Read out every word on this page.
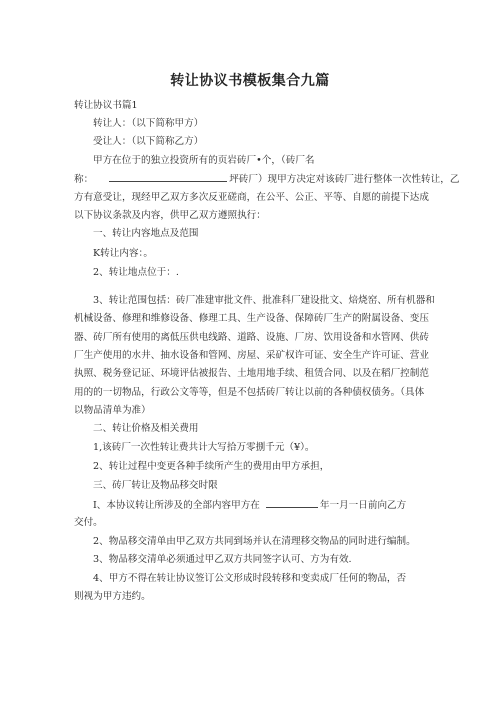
转让协议书模板集合九篇
转让协议书篇1
转让人：（以下简称甲方）
受让人：（以下简称乙方）
甲方在位于的独立投资所有的页岩砖厂•个，（砖厂名
称：	坪砖厂）现甲方决定对该砖厂进行整体一次性转让，乙
方有意受让，现经甲乙双方多次反亚磋商，在公平、公正、平等、自愿的前提下达成
以下协议条款及内容，供甲乙双方遵照执行：
一、转让内容地点及范围
K转让内容：。
2、转让地点位于：.
3、转让范围包括：砖厂准建审批文件、批准科厂建设批文、焙烧窑、所有机器和
机械设备、修理和维修设备、修理工具、生产设备、保障砖厂生产的附属设备、变压
器、砖厂所有使用的离低压供电线路、道路、设施、厂房、饮用设备和水管网、供砖
厂生产使用的水井、抽水设备和管网、房屋、采矿权许可证、安全生产许可证、营业
执照、税务登记证、环境评估被报告、土地用地手续、租赁合同、以及在稻厂控制范
用的的一切物品，行政公文等等，但是不包括砖厂转让以前的各种债权债务。（具体
以物品清单为准）
二、转让价格及相关费用
1,该砖厂一次性转让费共计大写拾万零捌千元（¥）。
2、转让过程中变更各种手续所产生的费用由甲方承担，
三、砖厂转让及物品移交时限
I、本协议转让所涉及的全部内容甲方在	年一月一日前向乙方
交付。
2、物品移交清单由甲乙双方共同到场并认在清理移交物品的同时进行编制。
3、物品移交清单必须通过甲乙双方共同签字认可、方为有效.
4、甲方不得在转让协议签订公文形成时段转移和变卖成厂任何的物品，否
则视为甲方违约。
